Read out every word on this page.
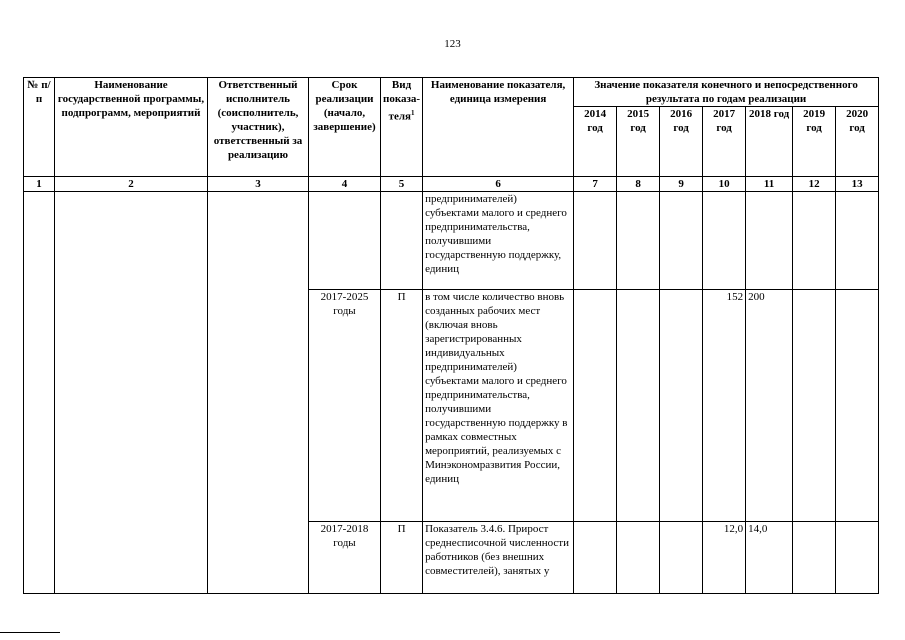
123
№ п/п	Наименование государственной программы, подпрограмм, мероприятий	Ответственный исполнитель (соисполнитель, участник), ответственный за реализацию	Срок реализации (начало, завершение)	Вид показа- теля$^1$	Наименование показателя, единица измерения	Значение показателя конечного и непосредственного результата по годам реализации						
						2014 год	2015 год	2016 год	2017 год	2018 год	2019 год	2020 год
1	2	3	4	5	6	7	8	9	10	11	12	13
					предпринимателей) субъектами малого и среднего предпринимательства, получившими государственную поддержку, единиц							
			2017-2025 годы	П	в том числе количество вновь созданных рабочих мест (включая вновь зарегистрированных индивидуальных предпринимателей) субъектами малого и среднего предпринимательства, получившими государственную поддержку в рамках совместных мероприятий, реализуемых с Минэкономразвития России, единиц				152	200		
			2017-2018 годы	П	Показатель 3.4.6. Прирост среднесписочной численности работников (без внешних совместителей), занятых у				12,0	14,0		
